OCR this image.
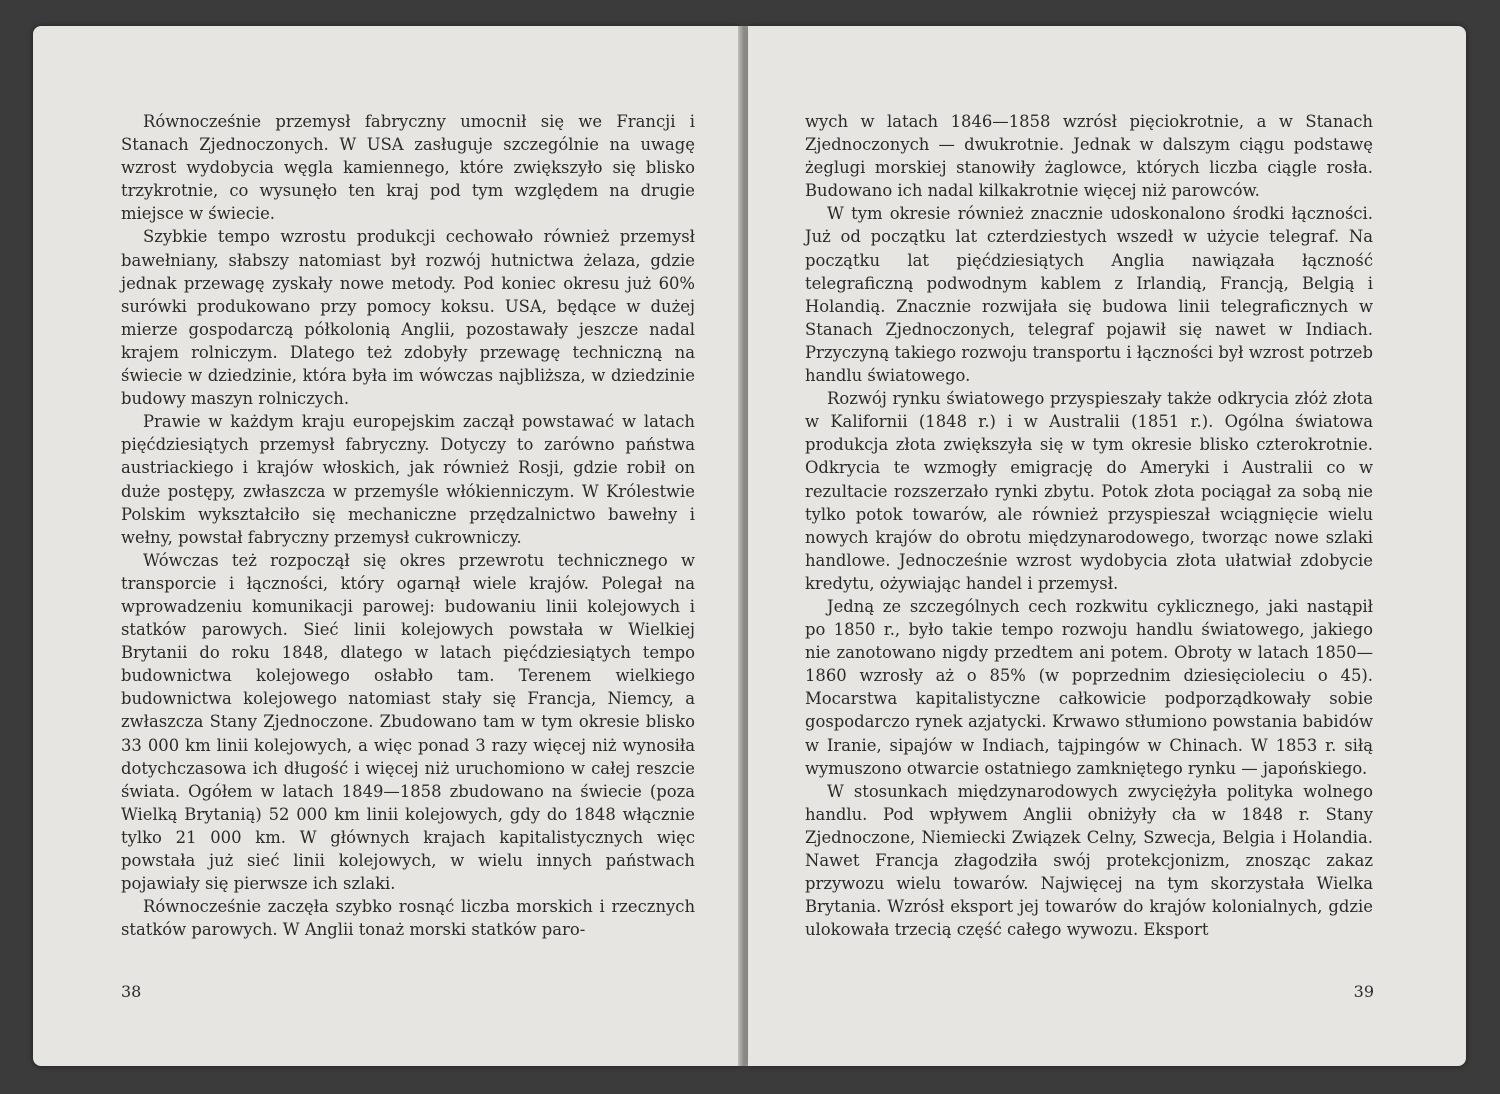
Równocześnie przemysł fabryczny umocnił się we Francji i Stanach Zjednoczonych. W USA zasługuje szczególnie na uwagę wzrost wydobycia węgla kamiennego, które zwiększyło się blisko trzykrotnie, co wysunęło ten kraj pod tym względem na drugie miejsce w świecie.

Szybkie tempo wzrostu produkcji cechowało również przemysł bawełniany, słabszy natomiast był rozwój hutnictwa żelaza, gdzie jednak przewagę zyskały nowe metody. Pod koniec okresu już 60% surówki produkowano przy pomocy koksu. USA, będące w dużej mierze gospodarczą półkolonią Anglii, pozostawały jeszcze nadal krajem rolniczym. Dlatego też zdobyły przewagę techniczną na świecie w dziedzinie, która była im wówczas najbliższa, w dziedzinie budowy maszyn rolniczych.

Prawie w każdym kraju europejskim zaczął powstawać w latach pięćdziesiątych przemysł fabryczny. Dotyczy to zarówno państwa austriackiego i krajów włoskich, jak również Rosji, gdzie robił on duże postępy, zwłaszcza w przemyśle włókienniczym. W Królestwie Polskim wykształciło się mechaniczne przędzalnictwo bawełny i wełny, powstał fabryczny przemysł cukrowniczy.

Wówczas też rozpoczął się okres przewrotu technicznego w transporcie i łączności, który ogarnął wiele krajów. Polegał na wprowadzeniu komunikacji parowej: budowaniu linii kolejowych i statków parowych. Sieć linii kolejowych powstała w Wielkiej Brytanii do roku 1848, dlatego w latach pięćdziesiątych tempo budownictwa kolejowego osłabło tam. Terenem wielkiego budownictwa kolejowego natomiast stały się Francja, Niemcy, a zwłaszcza Stany Zjednoczone. Zbudowano tam w tym okresie blisko 33 000 km linii kolejowych, a więc ponad 3 razy więcej niż wynosiła dotychczasowa ich długość i więcej niż uruchomiono w całej reszcie świata. Ogółem w latach 1849—1858 zbudowano na świecie (poza Wielką Brytanią) 52 000 km linii kolejowych, gdy do 1848 włącznie tylko 21 000 km. W głównych krajach kapitalistycznych więc powstała już sieć linii kolejowych, w wielu innych państwach pojawiały się pierwsze ich szlaki.

Równocześnie zaczęła szybko rosnąć liczba morskich i rzecznych statków parowych. W Anglii tonaż morski statków paro-

38

wych w latach 1846—1858 wzrósł pięciokrotnie, a w Stanach Zjednoczonych — dwukrotnie. Jednak w dalszym ciągu podstawę żeglugi morskiej stanowiły żaglowce, których liczba ciągle rosła. Budowano ich nadal kilkakrotnie więcej niż parowców.

W tym okresie również znacznie udoskonalono środki łączności. Już od początku lat czterdziestych wszedł w użycie telegraf. Na początku lat pięćdziesiątych Anglia nawiązała łączność telegraficzną podwodnym kablem z Irlandią, Francją, Belgią i Holandią. Znacznie rozwijała się budowa linii telegraficznych w Stanach Zjednoczonych, telegraf pojawił się nawet w Indiach. Przyczyną takiego rozwoju transportu i łączności był wzrost potrzeb handlu światowego.

Rozwój rynku światowego przyspieszały także odkrycia złóż złota w Kalifornii (1848 r.) i w Australii (1851 r.). Ogólna światowa produkcja złota zwiększyła się w tym okresie blisko czterokrotnie. Odkrycia te wzmogły emigrację do Ameryki i Australii co w rezultacie rozszerzało rynki zbytu. Potok złota pociągał za sobą nie tylko potok towarów, ale również przyspieszał wciągnięcie wielu nowych krajów do obrotu międzynarodowego, tworząc nowe szlaki handlowe. Jednocześnie wzrost wydobycia złota ułatwiał zdobycie kredytu, ożywiając handel i przemysł.

Jedną ze szczególnych cech rozkwitu cyklicznego, jaki nastąpił po 1850 r., było takie tempo rozwoju handlu światowego, jakiego nie zanotowano nigdy przedtem ani potem. Obroty w latach 1850—1860 wzrosły aż o 85% (w poprzednim dziesięcioleciu o 45). Mocarstwa kapitalistyczne całkowicie podporządkowały sobie gospodarczo rynek azjatycki. Krwawo stłumiono powstania babidów w Iranie, sipajów w Indiach, tajpingów w Chinach. W 1853 r. siłą wymuszono otwarcie ostatniego zamkniętego rynku — japońskiego.

W stosunkach międzynarodowych zwyciężyła polityka wolnego handlu. Pod wpływem Anglii obniżyły cła w 1848 r. Stany Zjednoczone, Niemiecki Związek Celny, Szwecja, Belgia i Holandia. Nawet Francja złagodziła swój protekcjonizm, znosząc zakaz przywozu wielu towarów. Najwięcej na tym skorzystała Wielka Brytania. Wzrósł eksport jej towarów do krajów kolonialnych, gdzie ulokowała trzecią część całego wywozu. Eksport

39
